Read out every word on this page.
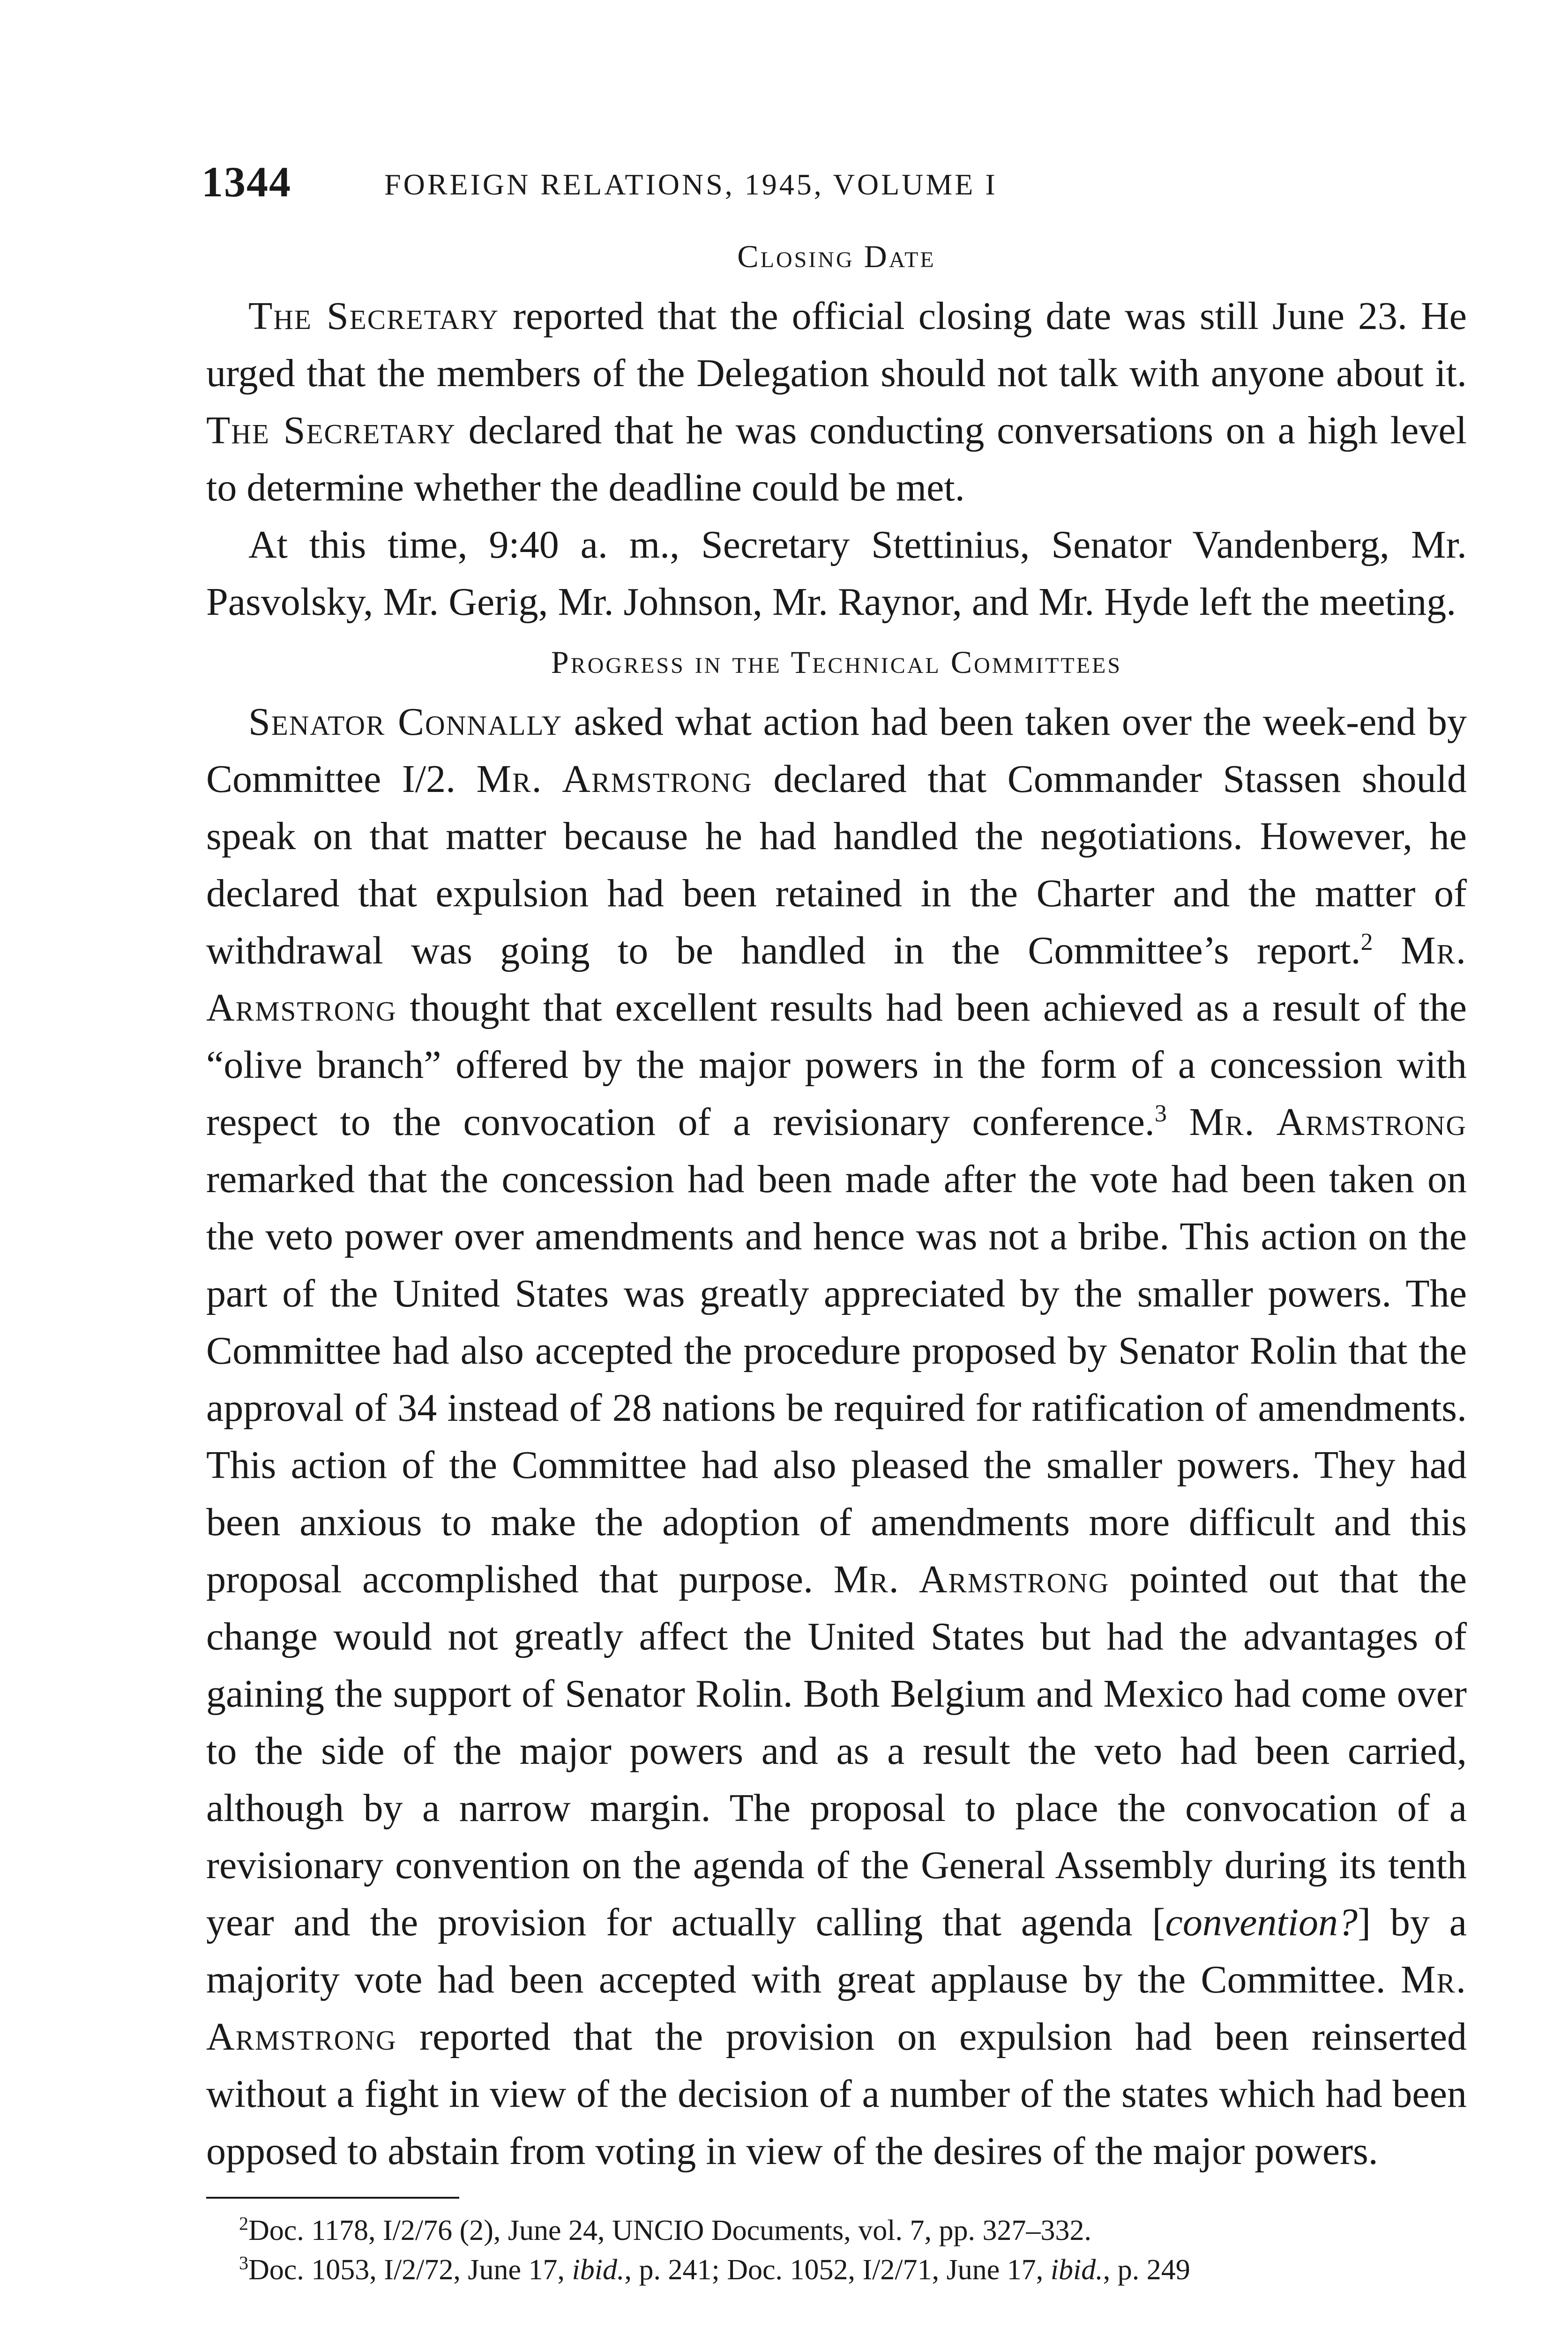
1344	FOREIGN RELATIONS, 1945, VOLUME I
Closing Date

The Secretary reported that the official closing date was still June 23. He urged that the members of the Delegation should not talk with anyone about it. The Secretary declared that he was conducting conversations on a high level to determine whether the deadline could be met.

At this time, 9:40 a. m., Secretary Stettinius, Senator Vandenberg, Mr. Pasvolsky, Mr. Gerig, Mr. Johnson, Mr. Raynor, and Mr. Hyde left the meeting.

Progress in the Technical Committees

Senator Connally asked what action had been taken over the week-end by Committee I/2. Mr. Armstrong declared that Commander Stassen should speak on that matter because he had handled the negotiations. However, he declared that expulsion had been retained in the Charter and the matter of withdrawal was going to be handled in the Committee’s report.$^2$ Mr. Armstrong thought that excellent results had been achieved as a result of the “olive branch” offered by the major powers in the form of a concession with respect to the convocation of a revisionary conference.$^3$ Mr. Armstrong remarked that the concession had been made after the vote had been taken on the veto power over amendments and hence was not a bribe. This action on the part of the United States was greatly appreciated by the smaller powers. The Committee had also accepted the procedure proposed by Senator Rolin that the approval of 34 instead of 28 nations be required for ratification of amendments. This action of the Committee had also pleased the smaller powers. They had been anxious to make the adoption of amendments more difficult and this proposal accomplished that purpose. Mr. Armstrong pointed out that the change would not greatly affect the United States but had the advantages of gaining the support of Senator Rolin. Both Belgium and Mexico had come over to the side of the major powers and as a result the veto had been carried, although by a narrow margin. The proposal to place the convocation of a revisionary convention on the agenda of the General Assembly during its tenth year and the provision for actually calling that agenda [convention?] by a majority vote had been accepted with great applause by the Committee. Mr. Armstrong reported that the provision on expulsion had been reinserted without a fight in view of the decision of a number of the states which had been opposed to abstain from voting in view of the desires of the major powers.

$^2$Doc. 1178, I/2/76 (2), June 24, UNCIO Documents, vol. 7, pp. 327–332.
$^3$Doc. 1053, I/2/72, June 17, ibid., p. 241; Doc. 1052, I/2/71, June 17, ibid., p. 249
